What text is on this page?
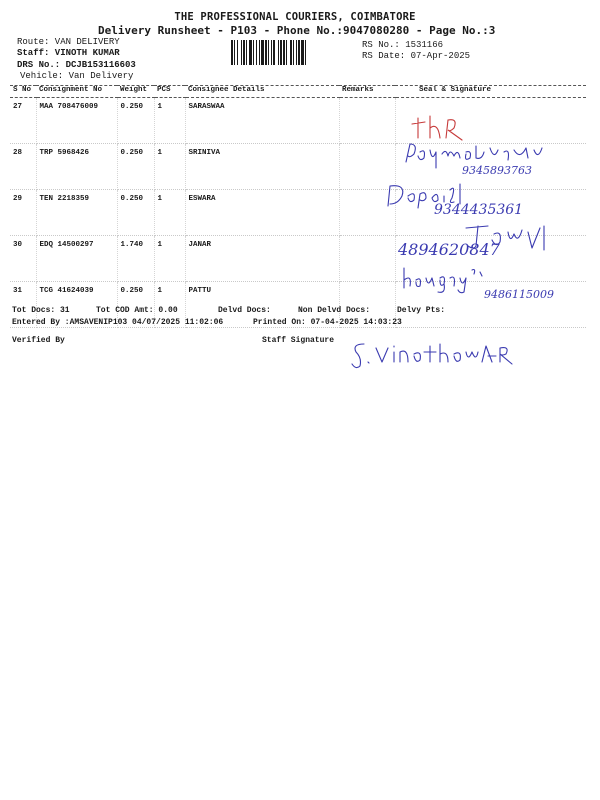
THE PROFESSIONAL COURIERS, COIMBATORE
Delivery Runsheet - P103 - Phone No.:9047080280 - Page No.:3
Route: VAN DELIVERY
Staff: VINOTH KUMAR
DRS No.: DCJB153116603
Vehicle: Van Delivery
RS No.: 1531166
RS Date: 07-Apr-2025
S No	Consignment No	Weight	PCS	Consignee Details	Remarks	Seal & Signature
27	MAA 708476009	0.250	1	SARASWAA		
28	TRP 5968426	0.250	1	SRINIVA		
29	TEN 2218359	0.250	1	ESWARA		
30	EDQ 14500297	1.740	1	JANAR		
31	TCG 41624039	0.250	1	PATTU		
9345893763
9344435361
4894620847
9486115009
Tot Docs: 31	Tot COD Amt: 0.00	Delvd Docs:	Non Delvd Docs:	Delvy Pts:
Entered By :AMSAVENIP103 04/07/2025 11:02:06	Printed On: 07-04-2025 14:03:23
Verified By	Staff Signature
